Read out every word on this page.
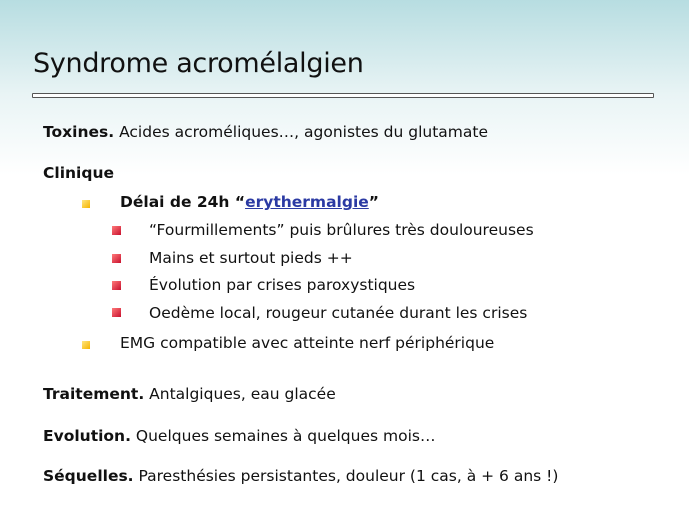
Syndrome acromélalgien
Toxines. Acides acroméliques…, agonistes du glutamate
Clinique
Délai de 24h “erythermalgie”
“Fourmillements” puis brûlures très douloureuses
Mains et surtout pieds ++
Évolution par crises paroxystiques
Oedème local, rougeur cutanée durant les crises
EMG compatible avec atteinte nerf périphérique
Traitement. Antalgiques, eau glacée
Evolution. Quelques semaines à quelques mois…
Séquelles. Paresthésies persistantes, douleur (1 cas, à + 6 ans !)
